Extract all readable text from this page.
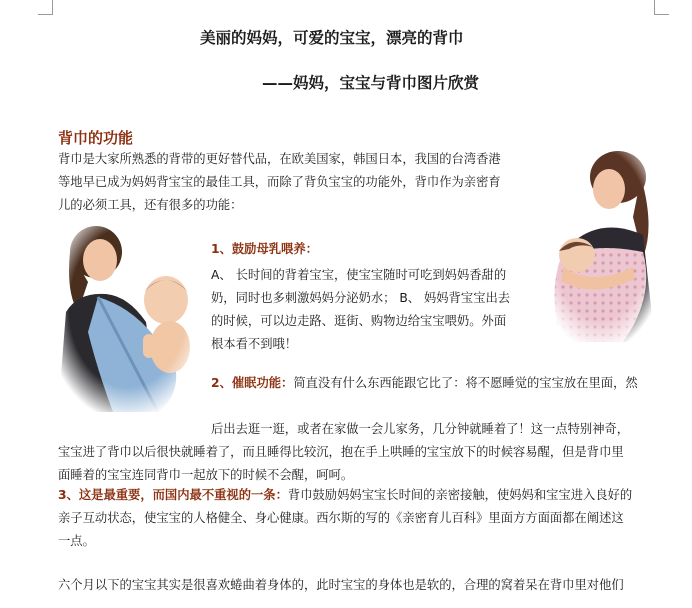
美丽的妈妈，可爱的宝宝，漂亮的背巾
——妈妈，宝宝与背巾图片欣赏
背巾的功能
背巾是大家所熟悉的背带的更好替代品，在欧美国家，韩国日本，我国的台湾香港
等地早已成为妈妈背宝宝的最佳工具，而除了背负宝宝的功能外，背巾作为亲密育
儿的必须工具，还有很多的功能：
1、鼓励母乳喂养：
A、 长时间的背着宝宝，使宝宝随时可吃到妈妈香甜的
奶，同时也多刺激妈妈分泌奶水； B、 妈妈背宝宝出去
的时候，可以边走路、逛街、购物边给宝宝喂奶。外面
根本看不到哦！
2、催眠功能：简直没有什么东西能跟它比了：将不愿睡觉的宝宝放在里面，然
后出去逛一逛，或者在家做一会儿家务，几分钟就睡着了！这一点特别神奇，
宝宝进了背巾以后很快就睡着了，而且睡得比较沉，抱在手上哄睡的宝宝放下的时候容易醒，但是背巾里
面睡着的宝宝连同背巾一起放下的时候不会醒，呵呵。
3、这是最重要，而国内最不重视的一条：背巾鼓励妈妈宝宝长时间的亲密接触，使妈妈和宝宝进入良好的
亲子互动状态，使宝宝的人格健全、身心健康。西尔斯的写的《亲密育儿百科》里面方方面面都在阐述这
一点。
六个月以下的宝宝其实是很喜欢蜷曲着身体的，此时宝宝的身体也是软的，合理的窝着呆在背巾里对他们
